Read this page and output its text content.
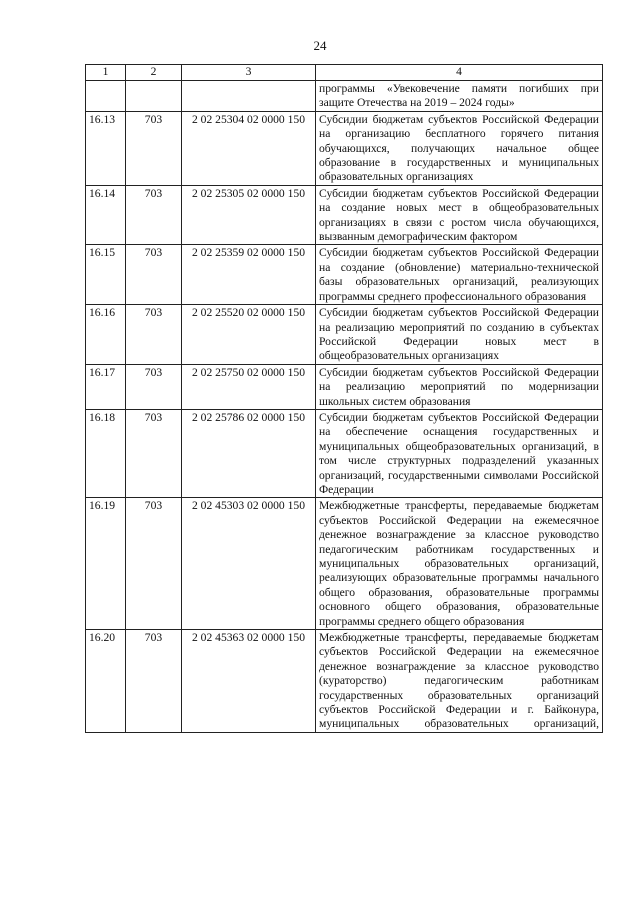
24
1	2	3	4
			программы «Увековечение памяти погибших при защите Отечества на 2019 – 2024 годы»
16.13	703	2 02 25304 02 0000 150	Субсидии бюджетам субъектов Российской Федерации на организацию бесплатного горячего питания обучающихся, получающих начальное общее образование в государственных и муниципальных образовательных организациях
16.14	703	2 02 25305 02 0000 150	Субсидии бюджетам субъектов Российской Федерации на создание новых мест в общеобразовательных организациях в связи с ростом числа обучающихся, вызванным демографическим фактором
16.15	703	2 02 25359 02 0000 150	Субсидии бюджетам субъектов Российской Федерации на создание (обновление) материально-технической базы образовательных организаций, реализующих программы среднего профессионального образования
16.16	703	2 02 25520 02 0000 150	Субсидии бюджетам субъектов Российской Федерации на реализацию мероприятий по созданию в субъектах Российской Федерации новых мест в общеобразовательных организациях
16.17	703	2 02 25750 02 0000 150	Субсидии бюджетам субъектов Российской Федерации на реализацию мероприятий по модернизации школьных систем образования
16.18	703	2 02 25786 02 0000 150	Субсидии бюджетам субъектов Российской Федерации на обеспечение оснащения государственных и муниципальных общеобразовательных организаций, в том числе структурных подразделений указанных организаций, государственными символами Российской Федерации
16.19	703	2 02 45303 02 0000 150	Межбюджетные трансферты, передаваемые бюджетам субъектов Российской Федерации на ежемесячное денежное вознаграждение за классное руководство педагогическим работникам государственных и муниципальных образовательных организаций, реализующих образовательные программы начального общего образования, образовательные программы основного общего образования, образовательные программы среднего общего образования
16.20	703	2 02 45363 02 0000 150	Межбюджетные трансферты, передаваемые бюджетам субъектов Российской Федерации на ежемесячное денежное вознаграждение за классное руководство (кураторство) педагогическим работникам государственных образовательных организаций субъектов Российской Федерации и г. Байконура, муниципальных образовательных организаций,
